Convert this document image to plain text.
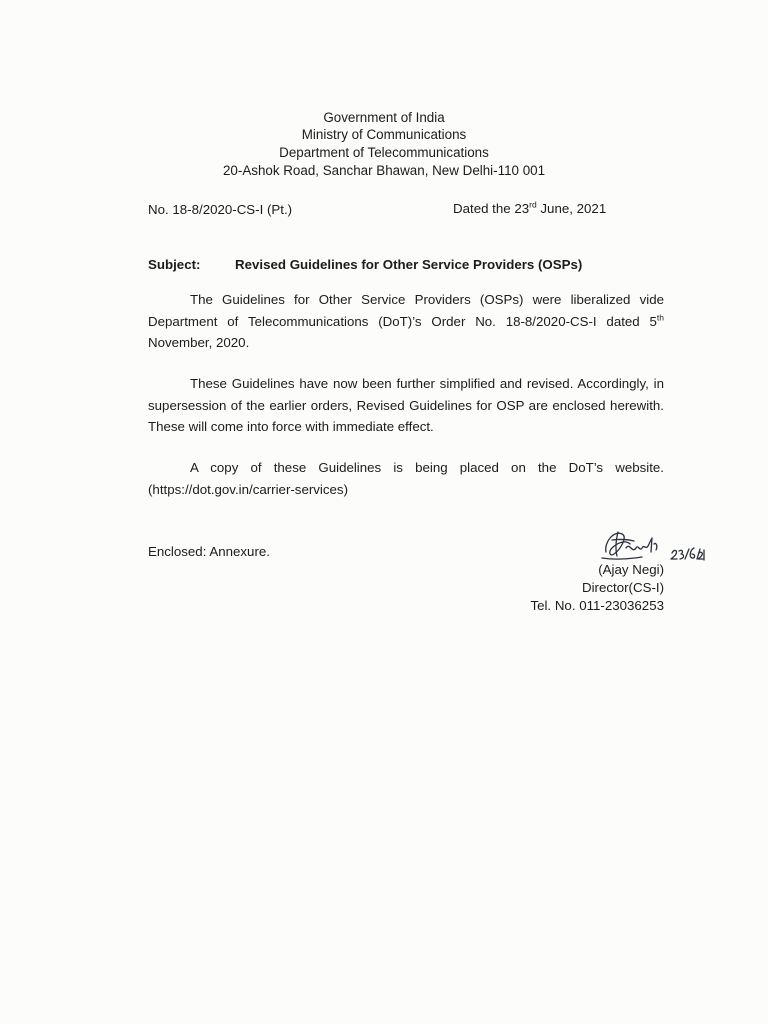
Government of India
Ministry of Communications
Department of Telecommunications
20-Ashok Road, Sanchar Bhawan, New Delhi-110 001
No. 18-8/2020-CS-I (Pt.)	Dated the 23rd June, 2021
Subject:	Revised Guidelines for Other Service Providers (OSPs)
The Guidelines for Other Service Providers (OSPs) were liberalized vide
Department of Telecommunications (DoT)’s Order No. 18-8/2020-CS-I dated 5th
November, 2020.
These Guidelines have now been further simplified and revised. Accordingly, in
supersession of the earlier orders, Revised Guidelines for OSP are enclosed herewith.
These will come into force with immediate effect.
A copy of these Guidelines is being placed on the DoT’s website.
(https://dot.gov.in/carrier-services)
Enclosed: Annexure.
(Ajay Negi)
Director(CS-I)
Tel. No. 011-23036253
